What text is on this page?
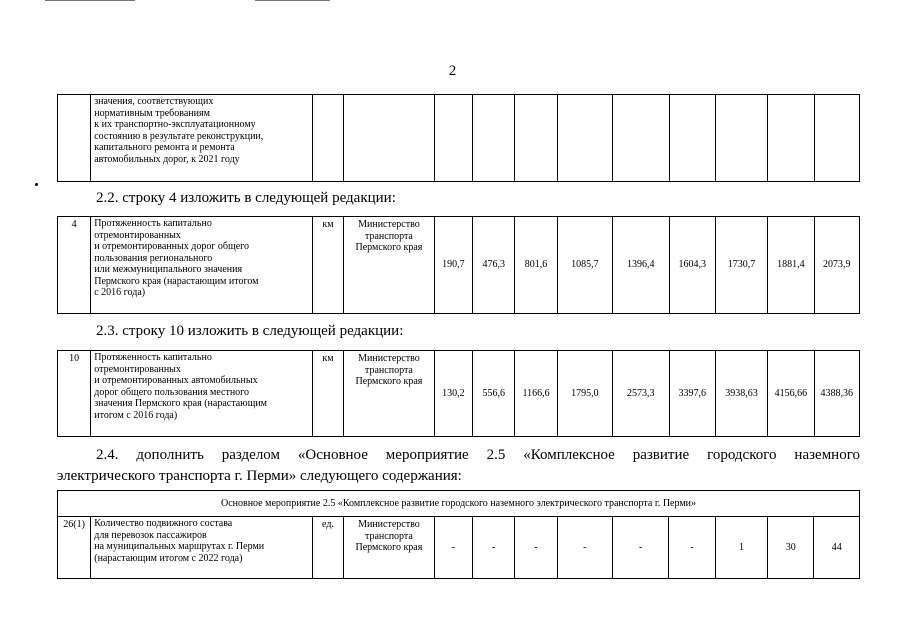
2
	значения, соответствующих
нормативным требованиям
к их транспортно-эксплуатационному
состоянию в результате реконструкции,
капитального ремонта и ремонта
автомобильных дорог, к 2021 году											
2.2. строку 4 изложить в следующей редакции:
4	Протяженность капитально
отремонтированных
и отремонтированных дорог общего
пользования регионального
или межмуниципального значения
Пермского края (нарастающим итогом
с 2016 года)	км	Министерство
транспорта
Пермского края	190,7	476,3	801,6	1085,7	1396,4	1604,3	1730,7	1881,4	2073,9
2.3. строку 10 изложить в следующей редакции:
10	Протяженность капитально
отремонтированных
и отремонтированных автомобильных
дорог общего пользования местного
значения Пермского края (нарастающим
итогом с 2016 года)	км	Министерство
транспорта
Пермского края	130,2	556,6	1166,6	1795,0	2573,3	3397,6	3938,63	4156,66	4388,36
2.4. дополнить разделом «Основное мероприятие 2.5 «Комплексное развитие городского наземного
электрического транспорта г. Перми» следующего содержания:
Основное мероприятие 2.5 «Комплексное развитие городского наземного электрического транспорта г. Перми»
26(1)	Количество подвижного состава
для перевозок пассажиров
на муниципальных маршрутах г. Перми
(нарастающим итогом с 2022 года)	ед.	Министерство
транспорта
Пермского края	-	-	-	-	-	-	1	30	44
